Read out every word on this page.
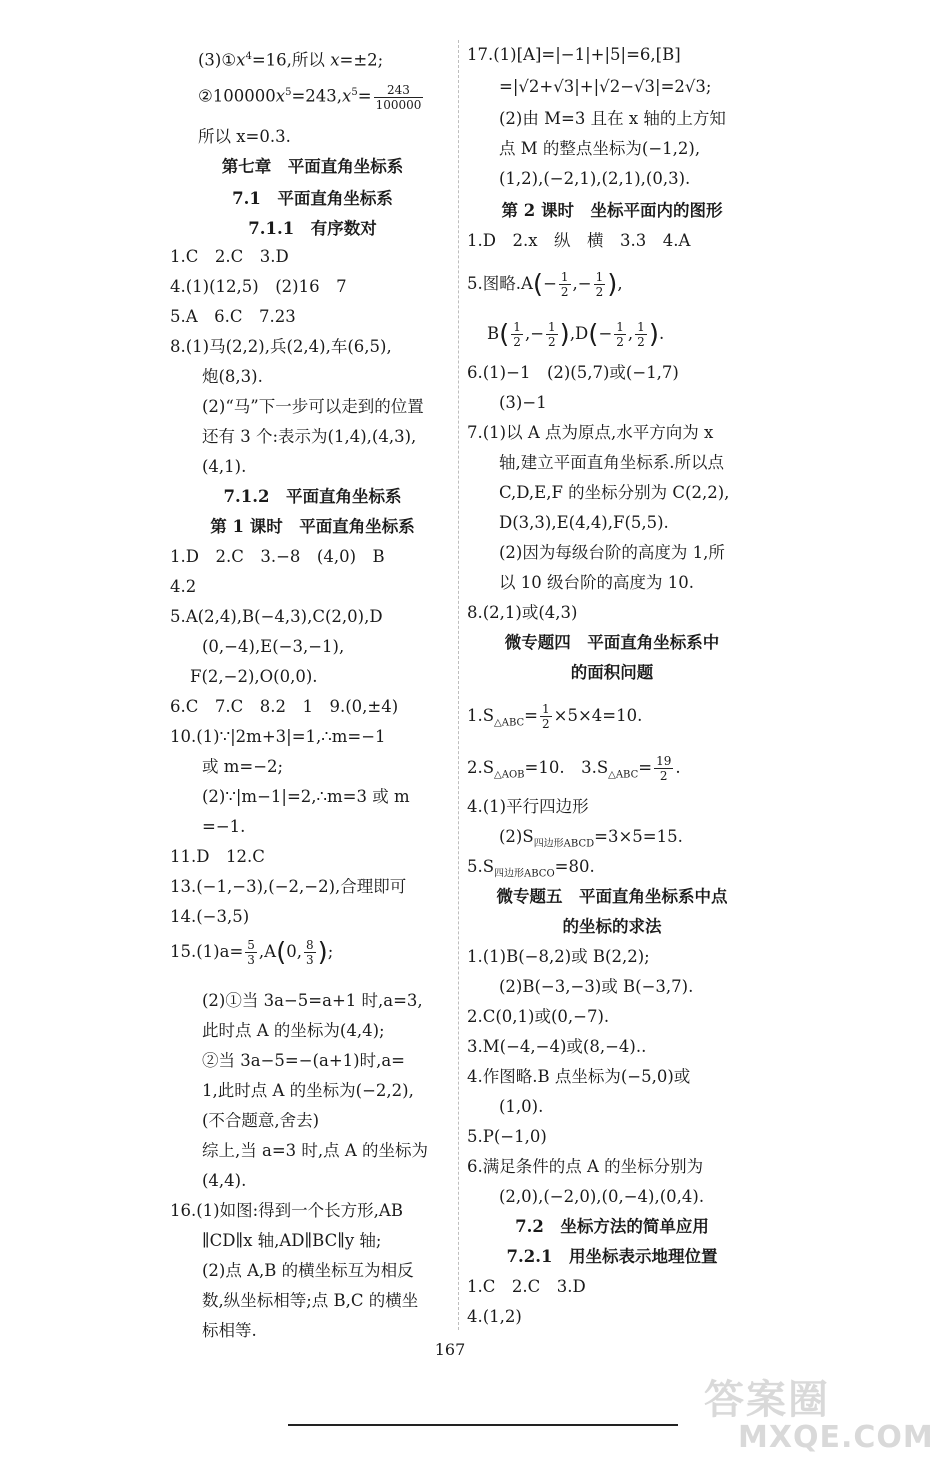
$(3)①x^4=16$,所以 x=±2;
$②100000x^5=243,x^5= \frac{243}{100000}$
所以 x=0.3.
第七章　平面直角坐标系
7.1　平面直角坐标系
7.1.1　有序数对
1.C　2.C　3.D
4.(1)(12,5)　(2)16　7
5.A　6.C　7.23
8.(1)马(2,2),兵(2,4),车(6,5),
炮(8,3).
(2)“马”下一步可以走到的位置
还有 3 个:表示为(1,4),(4,3),
(4,1).
7.1.2　平面直角坐标系
第 1 课时　平面直角坐标系
1.D　2.C　3.−8　(4,0)　B
4.2
5.A(2,4),B(−4,3),C(2,0),D
(0,−4),E(−3,−1),
F(2,−2),O(0,0).
6.C　7.C　8.2　1　9.(0,±4)
10.(1)∵|2m+3|=1,∴m=−1
或 m=−2;
(2)∵|m−1|=2,∴m=3 或 m
=−1.
11.D　12.C
13.(−1,−3),(−2,−2),合理即可
14.(−3,5)
$15.(1)a= \frac{5}{3} ,A(0$, $\frac{8}{3}$ );
(2)①当 3a−5=a+1 时,a=3,
此时点 A 的坐标为(4,4);
②当 3a−5=−(a+1)时,a=
1,此时点 A 的坐标为(−2,2),
(不合题意,舍去)
综上,当 a=3 时,点 A 的坐标为
(4,4).
16.(1)如图:得到一个长方形,AB
∥CD∥x 轴,AD∥BC∥y 轴;
(2)点 A,B 的横坐标互为相反
数,纵坐标相等;点 B,C 的横坐
标相等.
17.(1)[A]=|−1|+|5|=6,[B]
=|√2+√3|+|√2−√3|=2√3;
(2)由 M=3 且在 x 轴的上方知
点 M 的整点坐标为(−1,2),
(1,2),(−2,1),(2,1),(0,3).
第 2 课时　坐标平面内的图形
1.D　2.x　纵　横　3.3　4.A
5.图略$.A(- \frac{1}{2}$ ,− $\frac{1}{2}$ ),
$B( \frac{1}{2}$ ,− $\frac{1}{2} ),D(- \frac{1}{2}$ , $\frac{1}{2}$ ).
6.(1)−1　(2)(5,7)或(−1,7)
(3)−1
7.(1)以 A 点为原点,水平方向为 x
轴,建立平面直角坐标系.所以点
C,D,E,F 的坐标分别为 C(2,2),
D(3,3),E(4,4),F(5,5).
(2)因为每级台阶的高度为 1,所
以 10 级台阶的高度为 10.
8.(2,1)或(4,3)
微专题四　平面直角坐标系中
的面积问题
$1.S_{\triangle ABC}= \frac{1}{2} \times 5\times 4=10$.
$2.S_{\triangle AOB}=10$.　$3.S_{\triangle ABC}= \frac{19}{2}$ .
4.(1)平行四边形
$(2)S_{四边形ABCD}=3\times 5=15$.
$5.S_{四边形ABCO}=80$.
微专题五　平面直角坐标系中点
的坐标的求法
1.(1)B(−8,2)或 B(2,2);
(2)B(−3,−3)或 B(−3,7).
2.C(0,1)或(0,−7).
3.M(−4,−4)或(8,−4)..
4.作图略.B 点坐标为(−5,0)或
(1,0).
5.P(−1,0)
6.满足条件的点 A 的坐标分别为
(2,0),(−2,0),(0,−4),(0,4).
7.2　坐标方法的简单应用
7.2.1　用坐标表示地理位置
1.C　2.C　3.D
4.(1,2)
167
答案圈
MXQE.COM
